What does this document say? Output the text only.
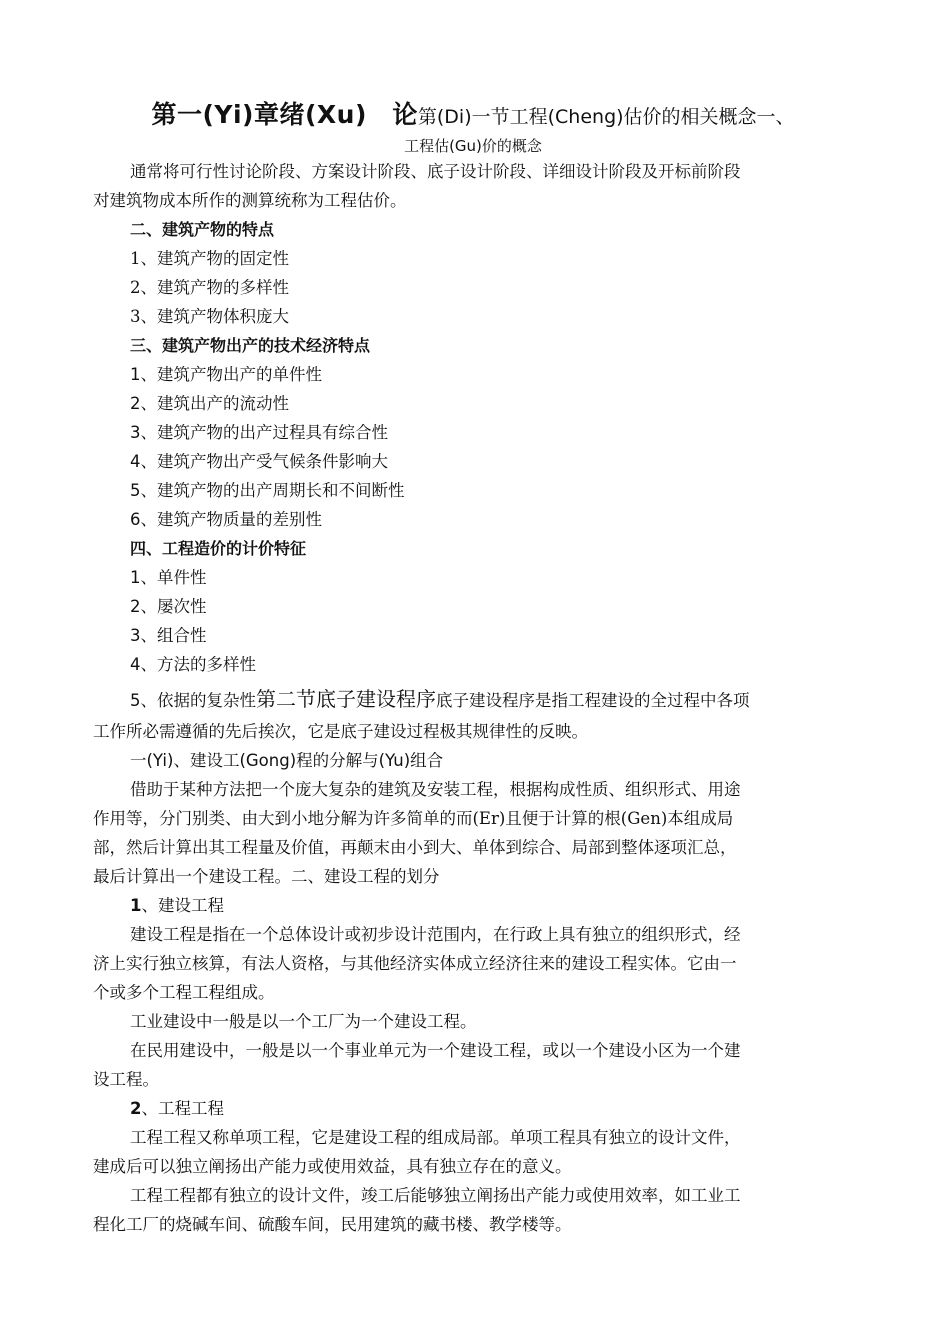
第一(Yi)章绪(Xu)　论第(Di)一节工程(Cheng)估价的相关概念一、
工程估(Gu)价的概念

通常将可行性讨论阶段、方案设计阶段、底子设计阶段、详细设计阶段及开标前阶段

对建筑物成本所作的测算统称为工程估价。

二、建筑产物的特点

1、建筑产物的固定性

2、建筑产物的多样性

3、建筑产物体积庞大

三、建筑产物出产的技术经济特点

1、建筑产物出产的单件性

2、建筑出产的流动性

3、建筑产物的出产过程具有综合性

4、建筑产物出产受气候条件影响大

5、建筑产物的出产周期长和不间断性

6、建筑产物质量的差别性

四、工程造价的计价特征

1、单件性

2、屡次性

3、组合性

4、方法的多样性

5、依据的复杂性第二节底子建设程序底子建设程序是指工程建设的全过程中各项

工作所必需遵循的先后挨次，它是底子建设过程极其规律性的反映。

一(Yi)、建设工(Gong)程的分解与(Yu)组合

借助于某种方法把一个庞大复杂的建筑及安装工程，根据构成性质、组织形式、用途

作用等，分门别类、由大到小地分解为许多简单的而(Er)且便于计算的根(Gen)本组成局

部，然后计算出其工程量及价值，再颠末由小到大、单体到综合、局部到整体逐项汇总，

最后计算出一个建设工程。二、建设工程的划分

1、建设工程

建设工程是指在一个总体设计或初步设计范围内，在行政上具有独立的组织形式，经

济上实行独立核算，有法人资格，与其他经济实体成立经济往来的建设工程实体。它由一

个或多个工程工程组成。

工业建设中一般是以一个工厂为一个建设工程。

在民用建设中，一般是以一个事业单元为一个建设工程，或以一个建设小区为一个建

设工程。

2、工程工程

工程工程又称单项工程，它是建设工程的组成局部。单项工程具有独立的设计文件，

建成后可以独立阐扬出产能力或使用效益，具有独立存在的意义。

工程工程都有独立的设计文件，竣工后能够独立阐扬出产能力或使用效率，如工业工

程化工厂的烧碱车间、硫酸车间，民用建筑的藏书楼、教学楼等。
